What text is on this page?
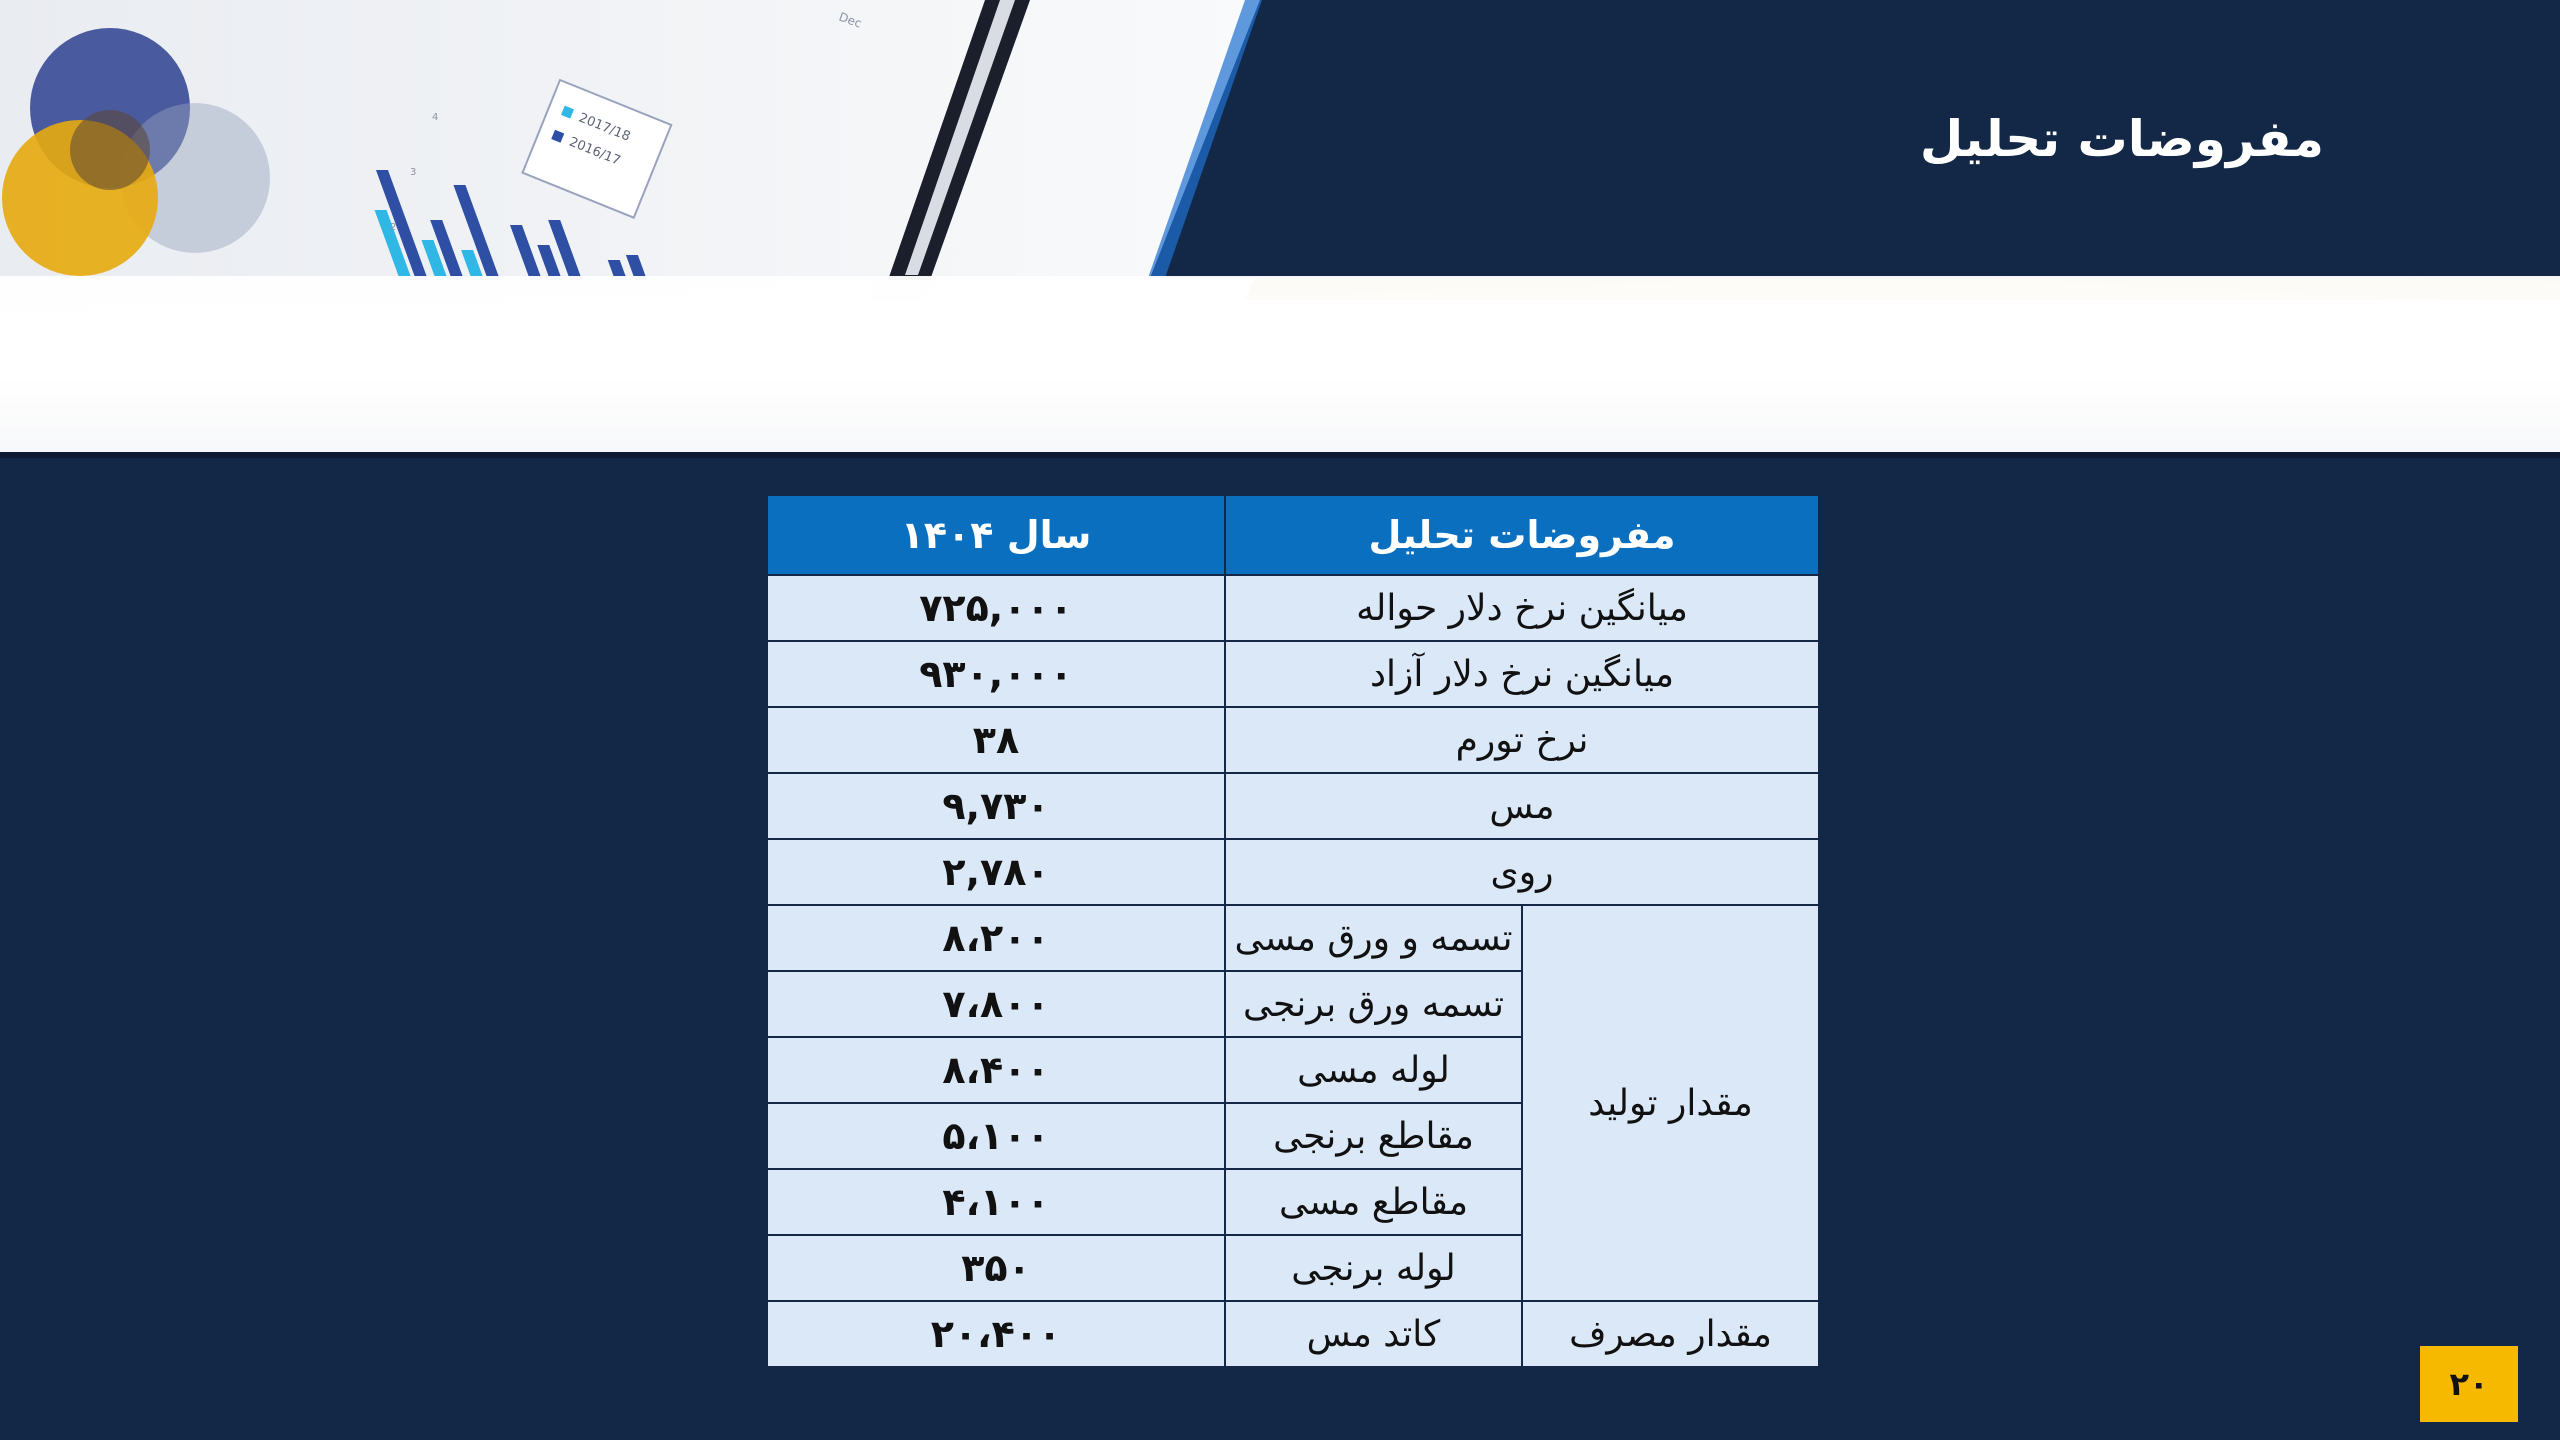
4
3
2
2017/18
2016/17
Dec
مفروضات تحلیل
مفروضات تحلیل		سال ۱۴۰۴
میانگین نرخ دلار حواله		۷۲۵,۰۰۰
میانگین نرخ دلار آزاد		۹۳۰,۰۰۰
نرخ تورم		۳۸
مس		۹,۷۳۰
روی		۲,۷۸۰
مقدار تولید	تسمه و ورق مسی	۸،۲۰۰
	تسمه ورق برنجی	۷،۸۰۰
	لوله مسی	۸،۴۰۰
	مقاطع برنجی	۵،۱۰۰
	مقاطع مسی	۴،۱۰۰
	لوله برنجی	۳۵۰
مقدار مصرف	کاتد مس	۲۰،۴۰۰
۲۰
